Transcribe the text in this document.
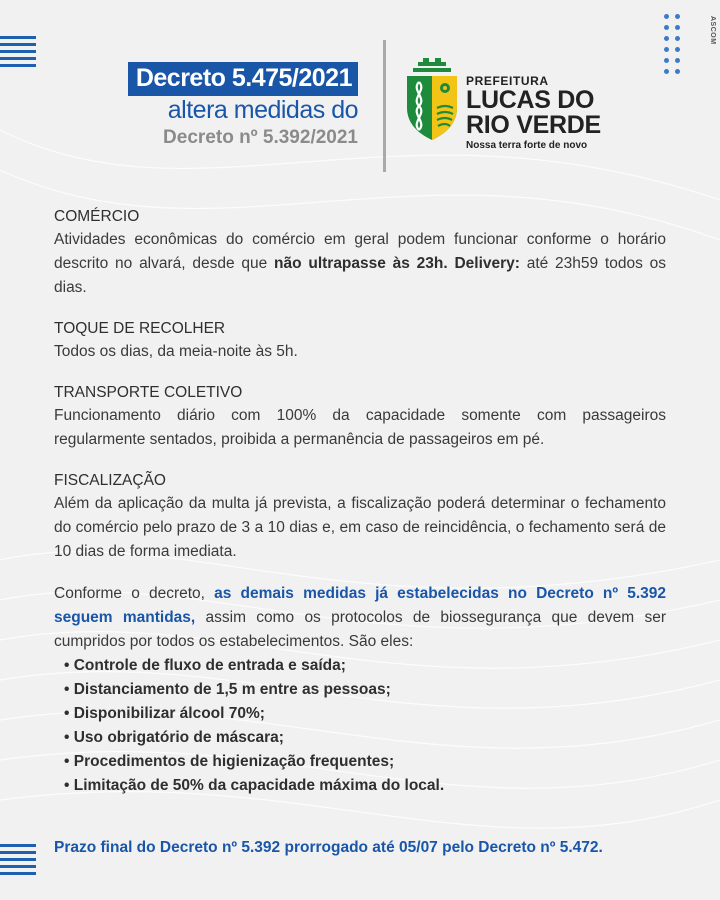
ASCOM
Decreto 5.475/2021
altera medidas do
Decreto nº 5.392/2021
PREFEITURA
LUCAS DO
RIO VERDE
Nossa terra forte de novo
COMÉRCIO

Atividades econômicas do comércio em geral podem funcionar conforme o horário descrito no alvará, desde que não ultrapasse às 23h. Delivery: até 23h59 todos os dias.

TOQUE DE RECOLHER

Todos os dias, da meia-noite às 5h.

TRANSPORTE COLETIVO

Funcionamento diário com 100% da capacidade somente com passageiros regularmente sentados, proibida a permanência de passageiros em pé.

FISCALIZAÇÃO

Além da aplicação da multa já prevista, a fiscalização poderá determinar o fechamento do comércio pelo prazo de 3 a 10 dias e, em caso de reincidência, o fechamento será de 10 dias de forma imediata.

Conforme o decreto, as demais medidas já estabelecidas no Decreto nº 5.392 seguem mantidas, assim como os protocolos de biossegurança que devem ser cumpridos por todos os estabelecimentos. São eles:

• Controle de fluxo de entrada e saída;
• Distanciamento de 1,5 m entre as pessoas;
• Disponibilizar álcool 70%;
• Uso obrigatório de máscara;
• Procedimentos de higienização frequentes;
• Limitação de 50% da capacidade máxima do local.
Prazo final do Decreto nº 5.392 prorrogado até 05/07 pelo Decreto nº 5.472.
